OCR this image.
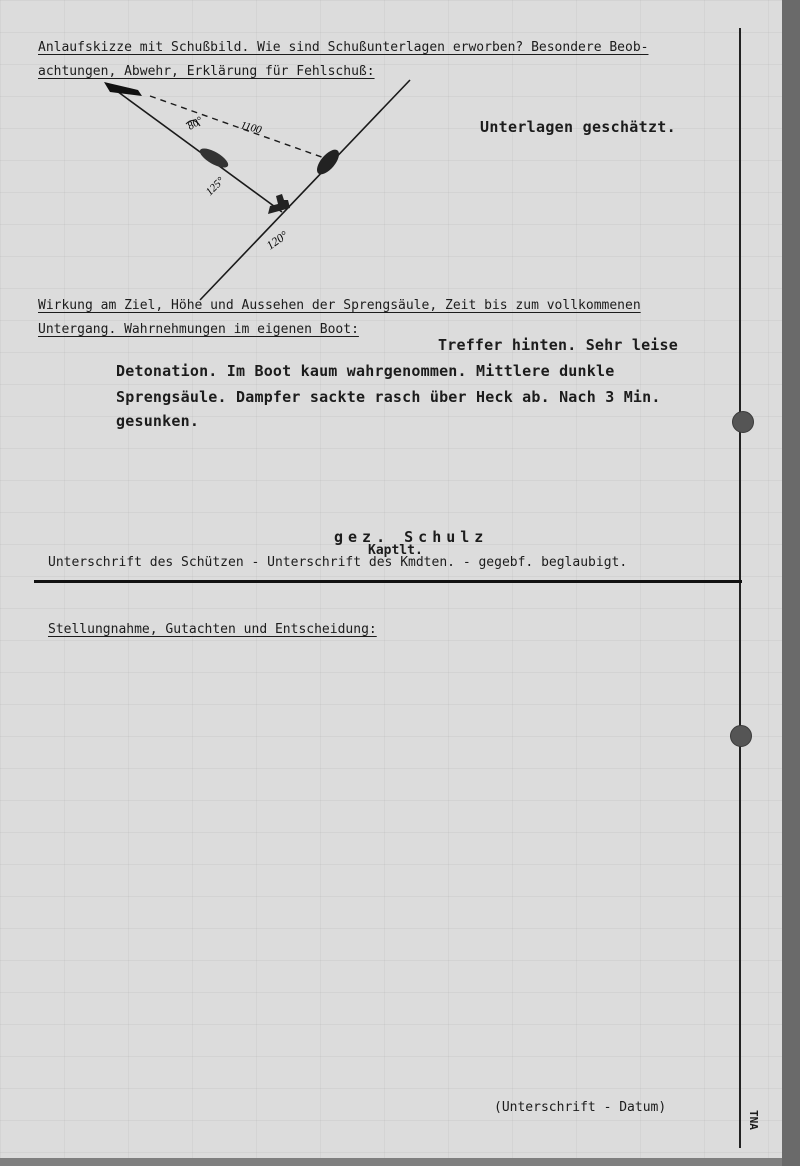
Anlaufskizze mit Schußbild. Wie sind Schußunterlagen erworben? Besondere Beob-
achtungen, Abwehr, Erklärung für Fehlschuß:
80°	1100
125°
120°
Unterlagen geschätzt.
Wirkung am Ziel, Höhe und Aussehen der Sprengsäule, Zeit bis zum vollkommenen
Untergang. Wahrnehmungen im eigenen Boot:
Treffer hinten. Sehr leise
Detonation. Im Boot kaum wahrgenommen. Mittlere dunkle
Sprengsäule. Dampfer sackte rasch über Heck ab. Nach 3 Min.
gesunken.
gez. Schulz
Kaptlt.
Unterschrift des Schützen - Unterschrift des Kmdten. - gegebf. beglaubigt.
Stellungnahme, Gutachten und Entscheidung:
(Unterschrift - Datum)
TNA
